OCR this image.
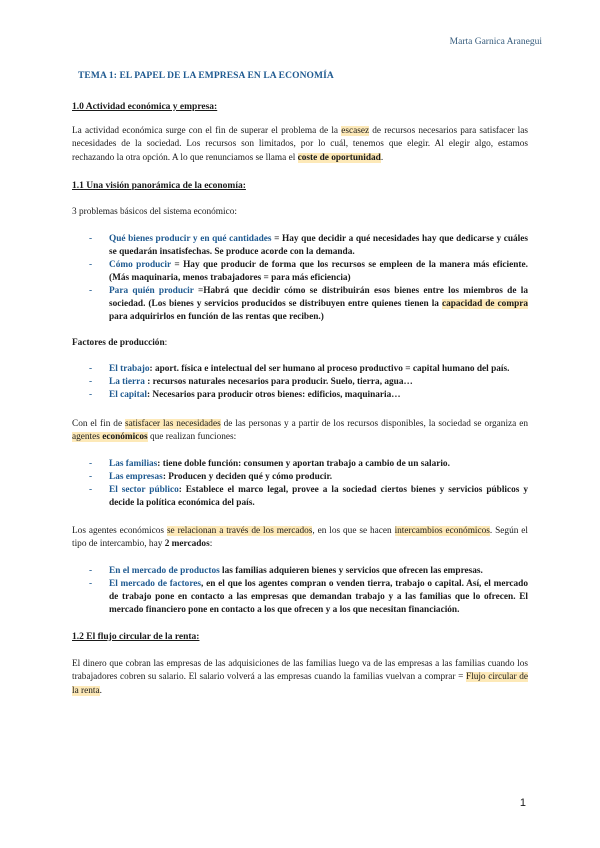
Marta Garnica Aranegui
TEMA 1: EL PAPEL DE LA EMPRESA EN LA ECONOMÍA
1.0 Actividad económica y empresa:
La actividad económica surge con el fin de superar el problema de la escasez de recursos necesarios para satisfacer las necesidades de la sociedad. Los recursos son limitados, por lo cuál, tenemos que elegir. Al elegir algo, estamos rechazando la otra opción. A lo que renunciamos se llama el coste de oportunidad.
1.1 Una visión panorámica de la economía:
3 problemas básicos del sistema económico:
- Qué bienes producir y en qué cantidades = Hay que decidir a qué necesidades hay que dedicarse y cuáles se quedarán insatisfechas. Se produce acorde con la demanda.
- Cómo producir = Hay que producir de forma que los recursos se empleen de la manera más eficiente. (Más maquinaria, menos trabajadores = para más eficiencia)
- Para quién producir =Habrá que decidir cómo se distribuirán esos bienes entre los miembros de la sociedad. (Los bienes y servicios producidos se distribuyen entre quienes tienen la capacidad de compra para adquirirlos en función de las rentas que reciben.)
Factores de producción:
- El trabajo: aport. física e intelectual del ser humano al proceso productivo = capital humano del país.
- La tierra : recursos naturales necesarios para producir. Suelo, tierra, agua…
- El capital: Necesarios para producir otros bienes: edificios, maquinaria…
Con el fin de satisfacer las necesidades de las personas y a partir de los recursos disponibles, la sociedad se organiza en agentes económicos que realizan funciones:
- Las familias: tiene doble función: consumen y aportan trabajo a cambio de un salario.
- Las empresas: Producen y deciden qué y cómo producir.
- El sector público: Establece el marco legal, provee a la sociedad ciertos bienes y servicios públicos y decide la política económica del país.
Los agentes económicos se relacionan a través de los mercados, en los que se hacen intercambios económicos. Según el tipo de intercambio, hay 2 mercados:
- En el mercado de productos las familias adquieren bienes y servicios que ofrecen las empresas.
- El mercado de factores, en el que los agentes compran o venden tierra, trabajo o capital. Así, el mercado de trabajo pone en contacto a las empresas que demandan trabajo y a las familias que lo ofrecen. El mercado financiero pone en contacto a los que ofrecen y a los que necesitan financiación.
1.2 El flujo circular de la renta:
El dinero que cobran las empresas de las adquisiciones de las familias luego va de las empresas a las familias cuando los trabajadores cobren su salario. El salario volverá a las empresas cuando la familias vuelvan a comprar = Flujo circular de la renta.
1
